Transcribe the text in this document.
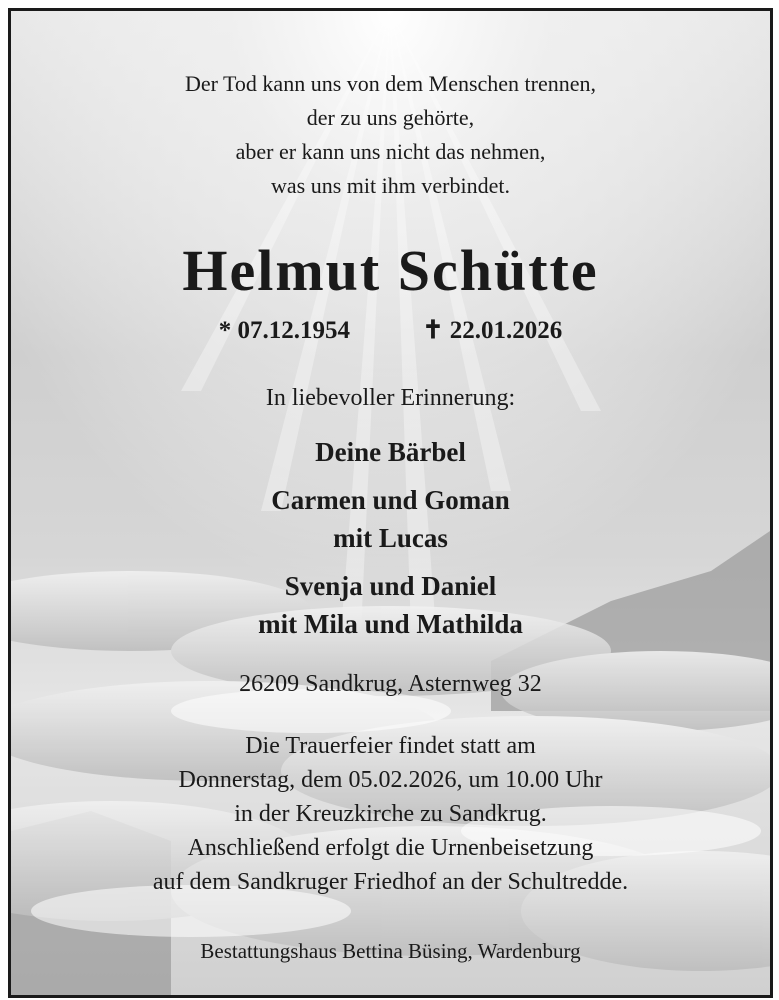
Der Tod kann uns von dem Menschen trennen,
der zu uns gehörte,
aber er kann uns nicht das nehmen,
was uns mit ihm verbindet.
Helmut Schütte
* 07.12.1954	✝ 22.01.2026
In liebevoller Erinnerung:
Deine Bärbel
Carmen und Goman
mit Lucas
Svenja und Daniel
mit Mila und Mathilda
26209 Sandkrug, Asternweg 32
Die Trauerfeier findet statt am
Donnerstag, dem 05.02.2026, um 10.00 Uhr
in der Kreuzkirche zu Sandkrug.
Anschließend erfolgt die Urnenbeisetzung
auf dem Sandkruger Friedhof an der Schultredde.
Bestattungshaus Bettina Büsing, Wardenburg
